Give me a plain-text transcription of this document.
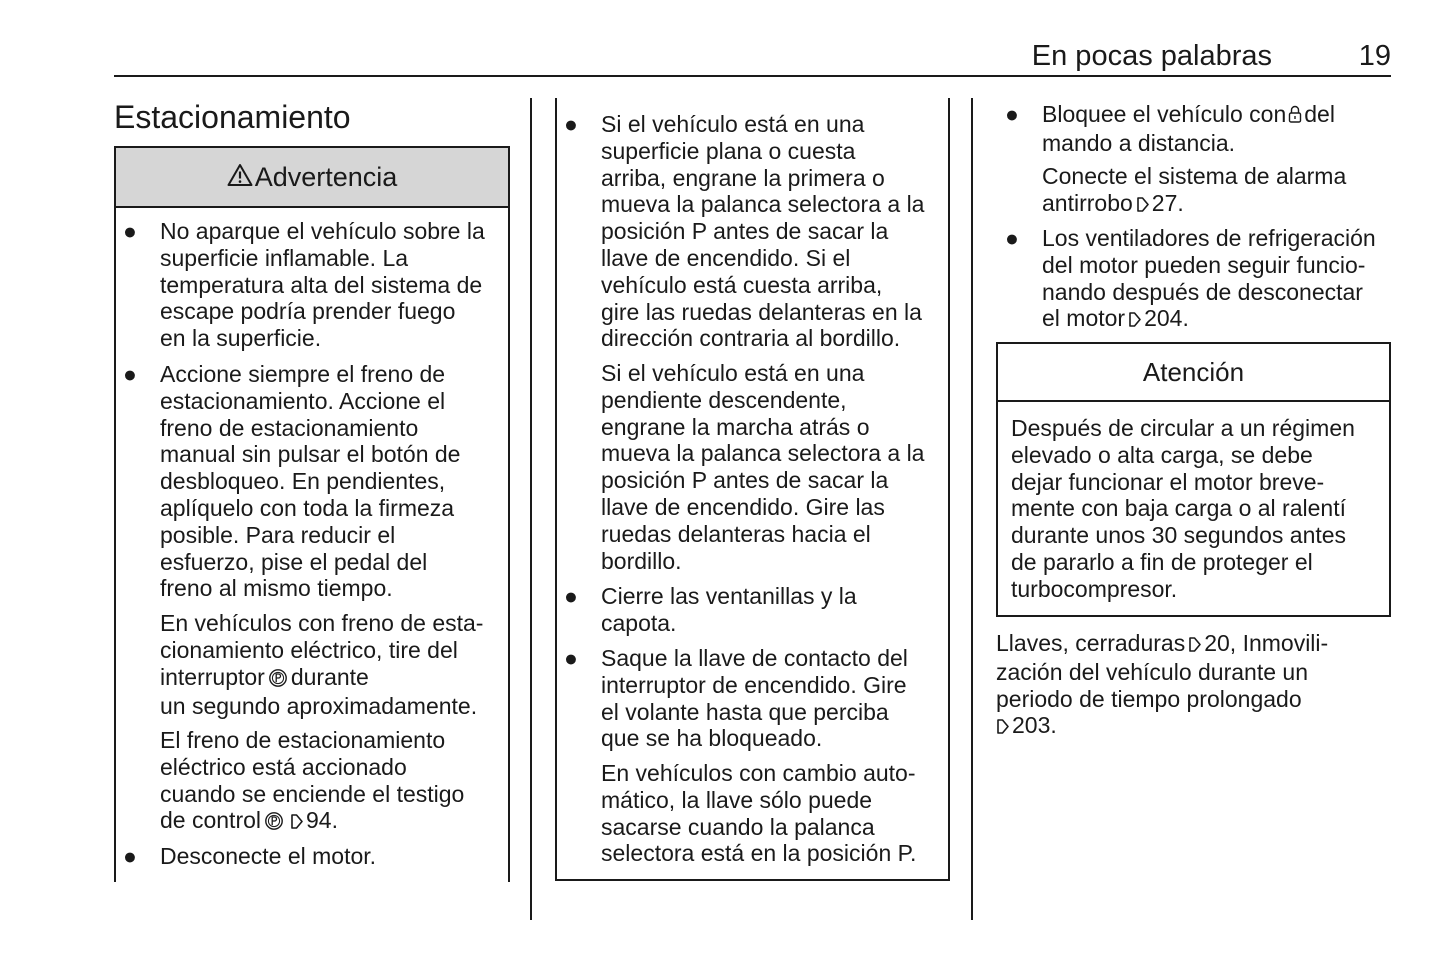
En pocas palabras	19
Estacionamiento
Advertencia
● No aparque el vehículo sobre la
superficie inflamable. La
temperatura alta del sistema de
escape podría prender fuego
en la superficie.
● Accione siempre el freno de
estacionamiento. Accione el
freno de estacionamiento
manual sin pulsar el botón de
desbloqueo. En pendientes,
aplíquelo con toda la firmeza
posible. Para reducir el
esfuerzo, pise el pedal del
freno al mismo tiempo.
En vehículos con freno de esta-
cionamiento eléctrico, tire del
interruptor durante
un segundo aproximadamente.
El freno de estacionamiento
eléctrico está accionado
cuando se enciende el testigo
de control 94.
● Desconecte el motor.
● Si el vehículo está en una
superficie plana o cuesta
arriba, engrane la primera o
mueva la palanca selectora a la
posición P antes de sacar la
llave de encendido. Si el
vehículo está cuesta arriba,
gire las ruedas delanteras en la
dirección contraria al bordillo.
Si el vehículo está en una
pendiente descendente,
engrane la marcha atrás o
mueva la palanca selectora a la
posición P antes de sacar la
llave de encendido. Gire las
ruedas delanteras hacia el
bordillo.
● Cierre las ventanillas y la
capota.
● Saque la llave de contacto del
interruptor de encendido. Gire
el volante hasta que perciba
que se ha bloqueado.
En vehículos con cambio auto-
mático, la llave sólo puede
sacarse cuando la palanca
selectora está en la posición P.
● Bloquee el vehículo con del
mando a distancia.
Conecte el sistema de alarma
antirrobo 27.
● Los ventiladores de refrigeración
del motor pueden seguir funcio-
nando después de desconectar
el motor 204.
Atención
Después de circular a un régimen
elevado o alta carga, se debe
dejar funcionar el motor breve-
mente con baja carga o al ralentí
durante unos 30 segundos antes
de pararlo a fin de proteger el
turbocompresor.
Llaves, cerraduras 20, Inmovili-
zación del vehículo durante un
periodo de tiempo prolongado
203.
